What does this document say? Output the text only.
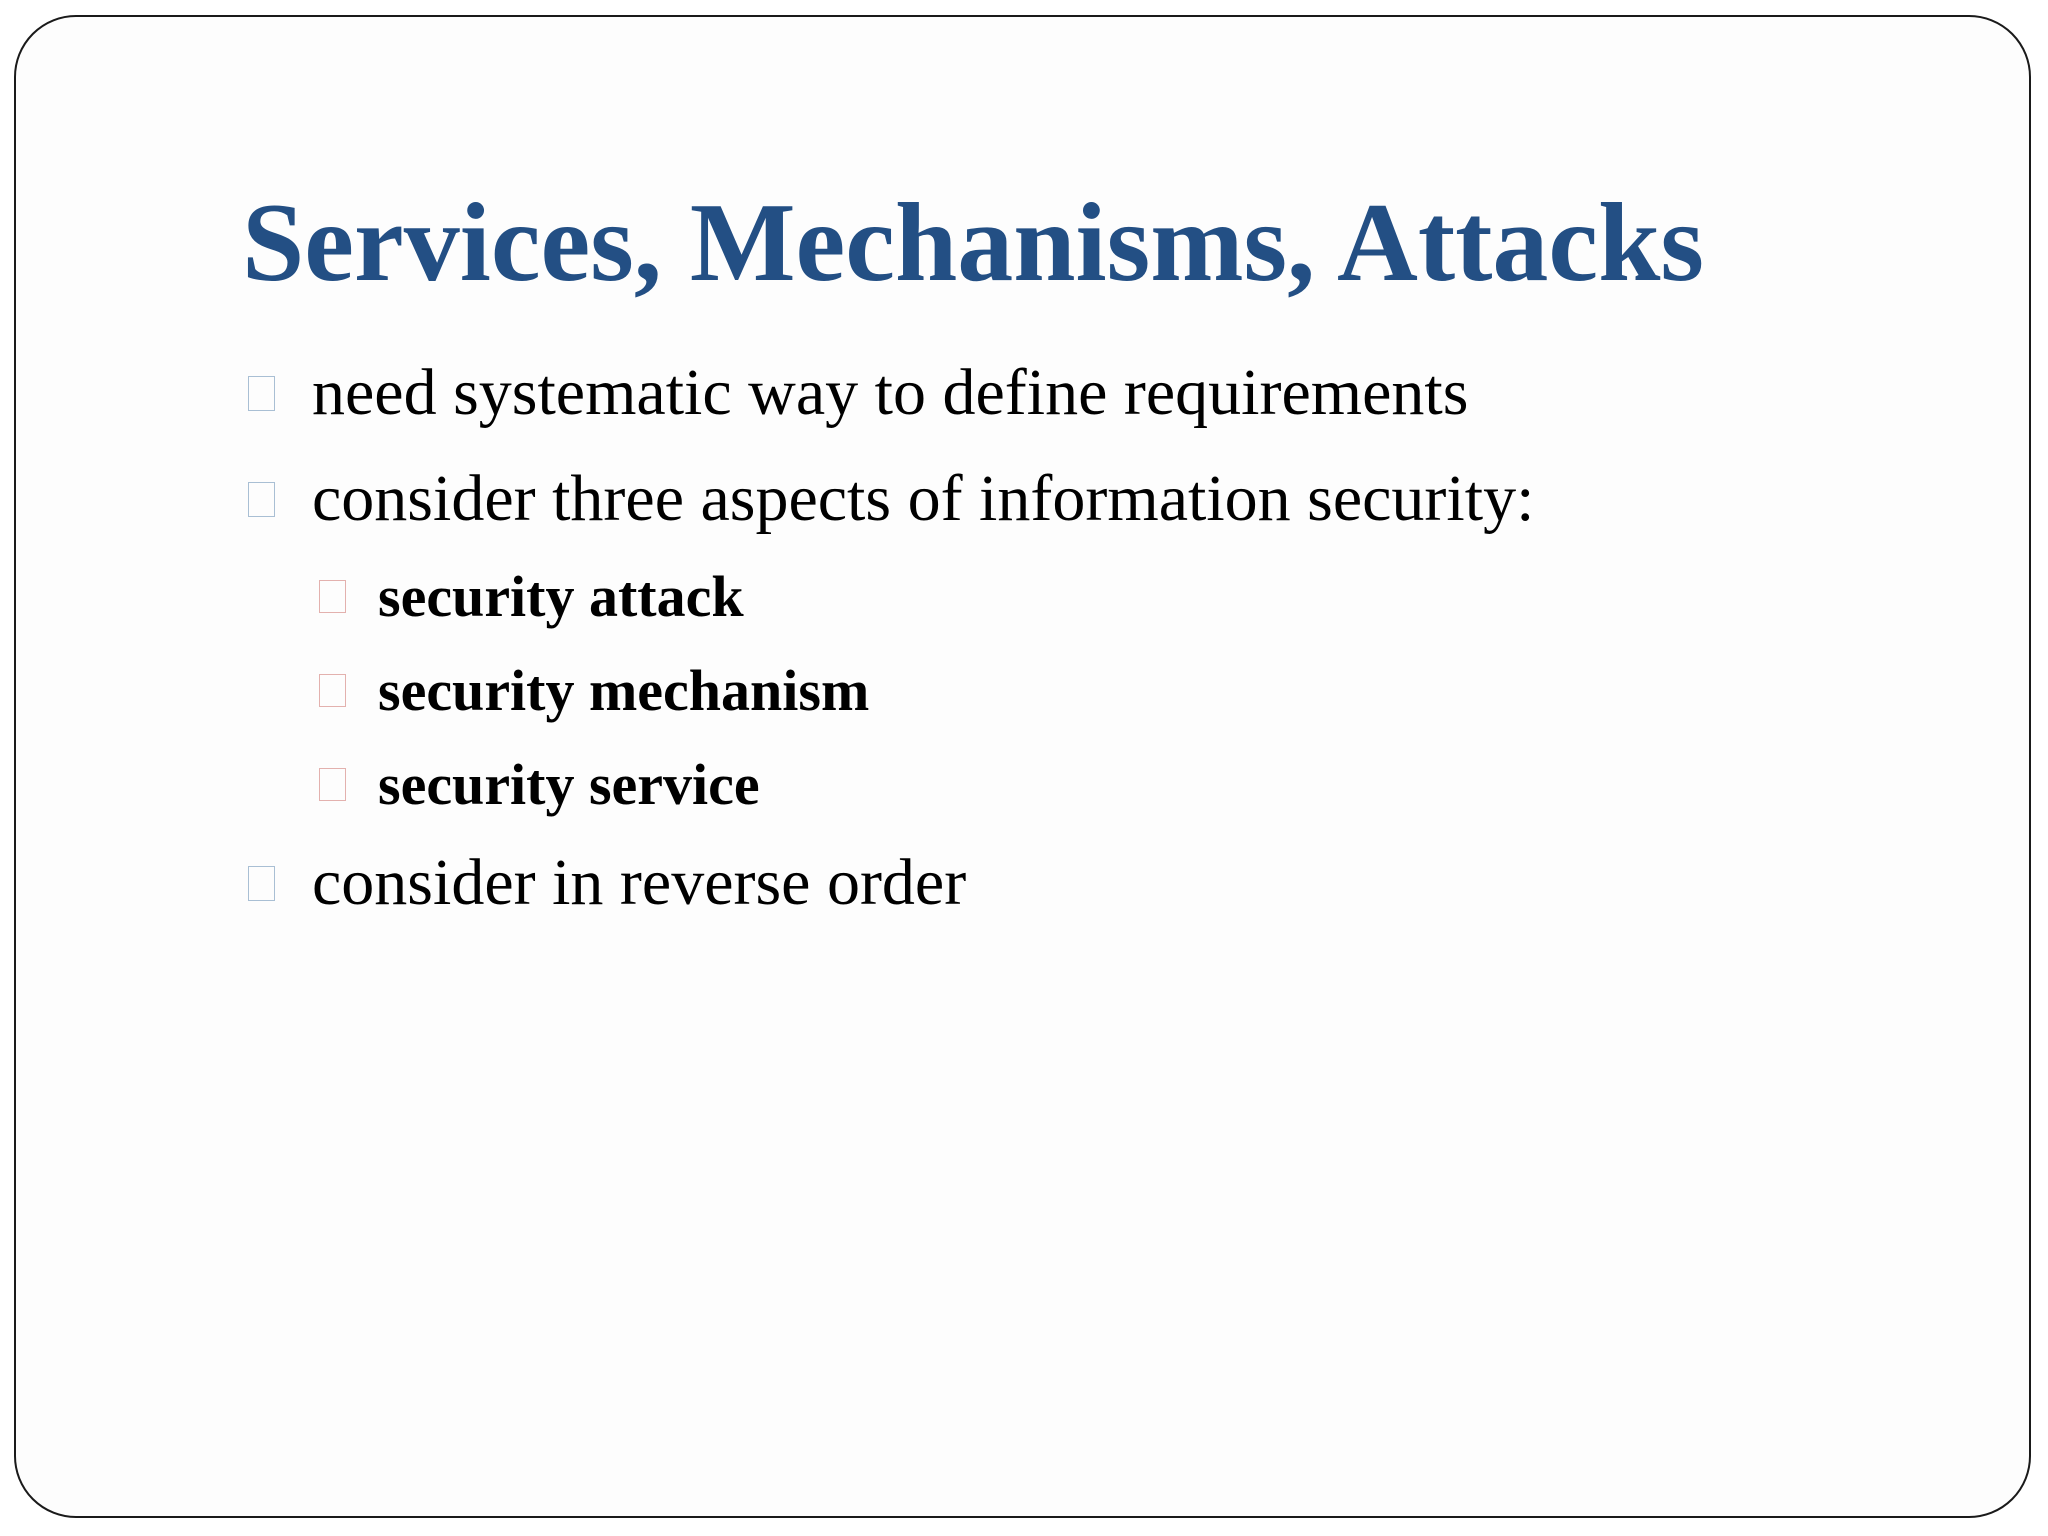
Services, Mechanisms, Attacks
need systematic way to define requirements
consider three aspects of information security:
security attack
security mechanism
security service
consider in reverse order
